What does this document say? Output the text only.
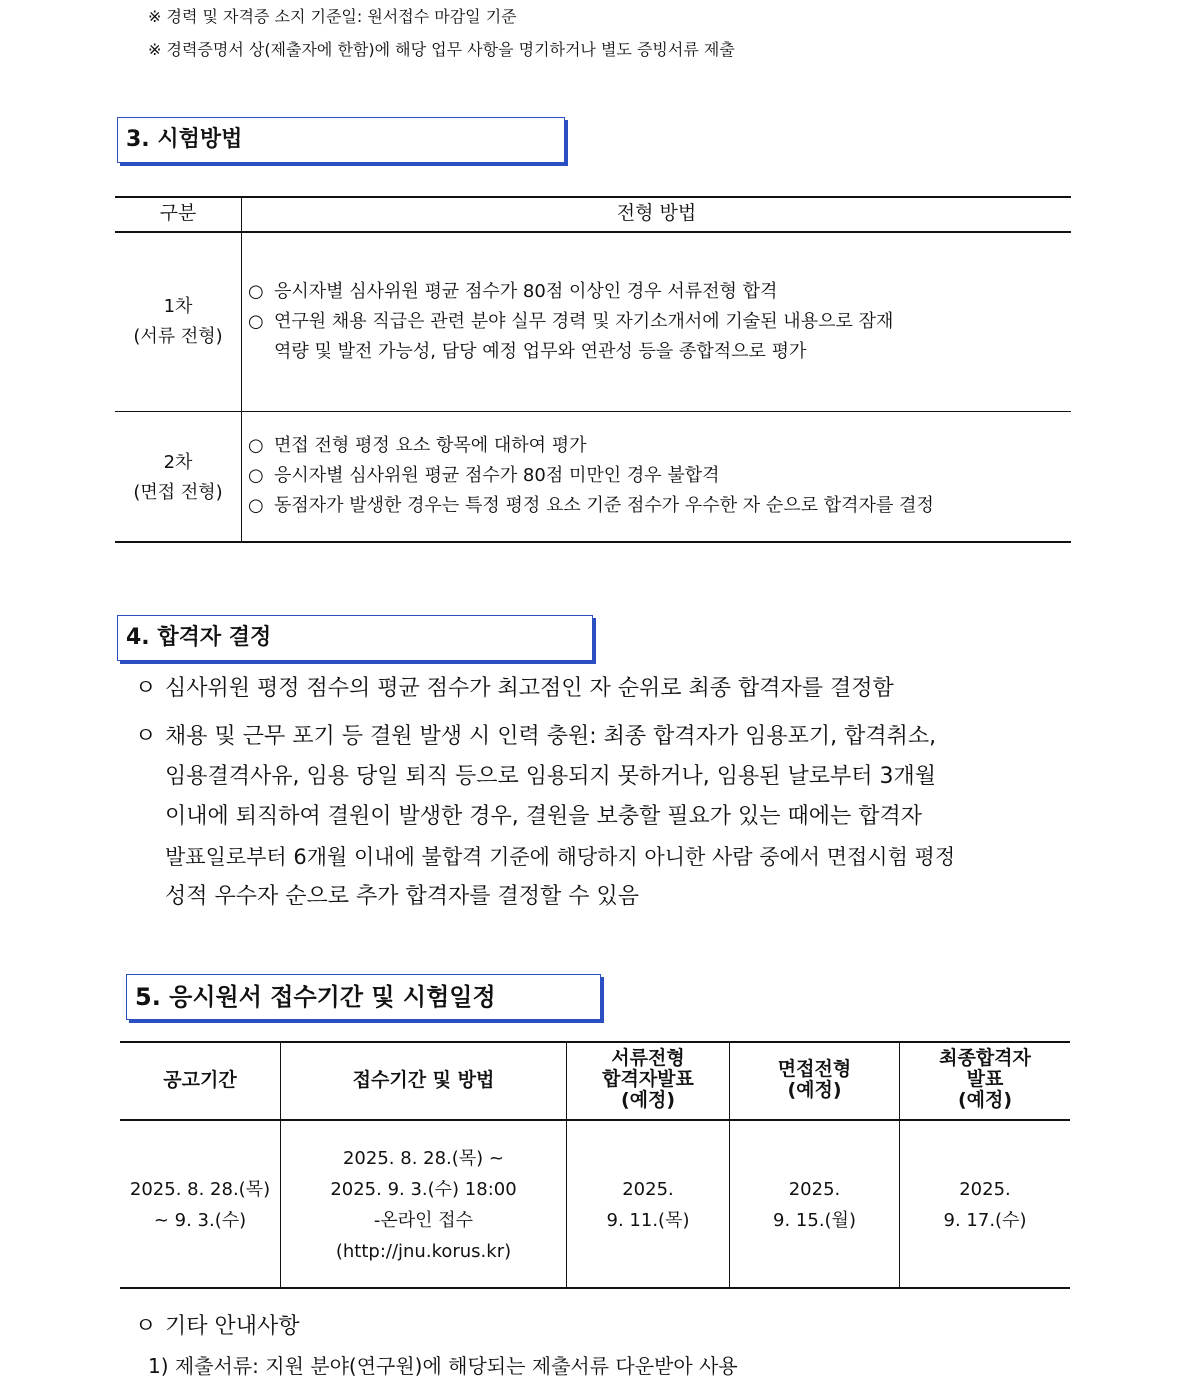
※ 경력 및 자격증 소지 기준일: 원서접수 마감일 기준
※ 경력증명서 상(제출자에 한함)에 해당 업무 사항을 명기하거나 별도 증빙서류 제출
3. 시험방법
구분	전형 방법
1차
(서류 전형)
○ 응시자별 심사위원 평균 점수가 80점 이상인 경우 서류전형 합격
○ 연구원 채용 직급은 관련 분야 실무 경력 및 자기소개서에 기술된 내용으로 잠재
역량 및 발전 가능성, 담당 예정 업무와 연관성 등을 종합적으로 평가
2차
(면접 전형)
○ 면접 전형 평정 요소 항목에 대하여 평가
○ 응시자별 심사위원 평균 점수가 80점 미만인 경우 불합격
○ 동점자가 발생한 경우는 특정 평정 요소 기준 점수가 우수한 자 순으로 합격자를 결정
4. 합격자 결정
ㅇ 심사위원 평정 점수의 평균 점수가 최고점인 자 순위로 최종 합격자를 결정함
ㅇ 채용 및 근무 포기 등 결원 발생 시 인력 충원: 최종 합격자가 임용포기, 합격취소,
임용결격사유, 임용 당일 퇴직 등으로 임용되지 못하거나, 임용된 날로부터 3개월
이내에 퇴직하여 결원이 발생한 경우, 결원을 보충할 필요가 있는 때에는 합격자
발표일로부터 6개월 이내에 불합격 기준에 해당하지 아니한 사람 중에서 면접시험 평정
성적 우수자 순으로 추가 합격자를 결정할 수 있음
5. 응시원서 접수기간 및 시험일정
공고기간	접수기간 및 방법
서류전형
합격자발표
(예정)
면접전형
(예정)
최종합격자
발표
(예정)
2025. 8. 28.(목)
~ 9. 3.(수)
2025. 8. 28.(목) ~
2025. 9. 3.(수) 18:00
-온라인 접수
(http://jnu.korus.kr)
2025.
9. 11.(목)
2025.
9. 15.(월)
2025.
9. 17.(수)
ㅇ 기타 안내사항
1) 제출서류: 지원 분야(연구원)에 해당되는 제출서류 다운받아 사용
